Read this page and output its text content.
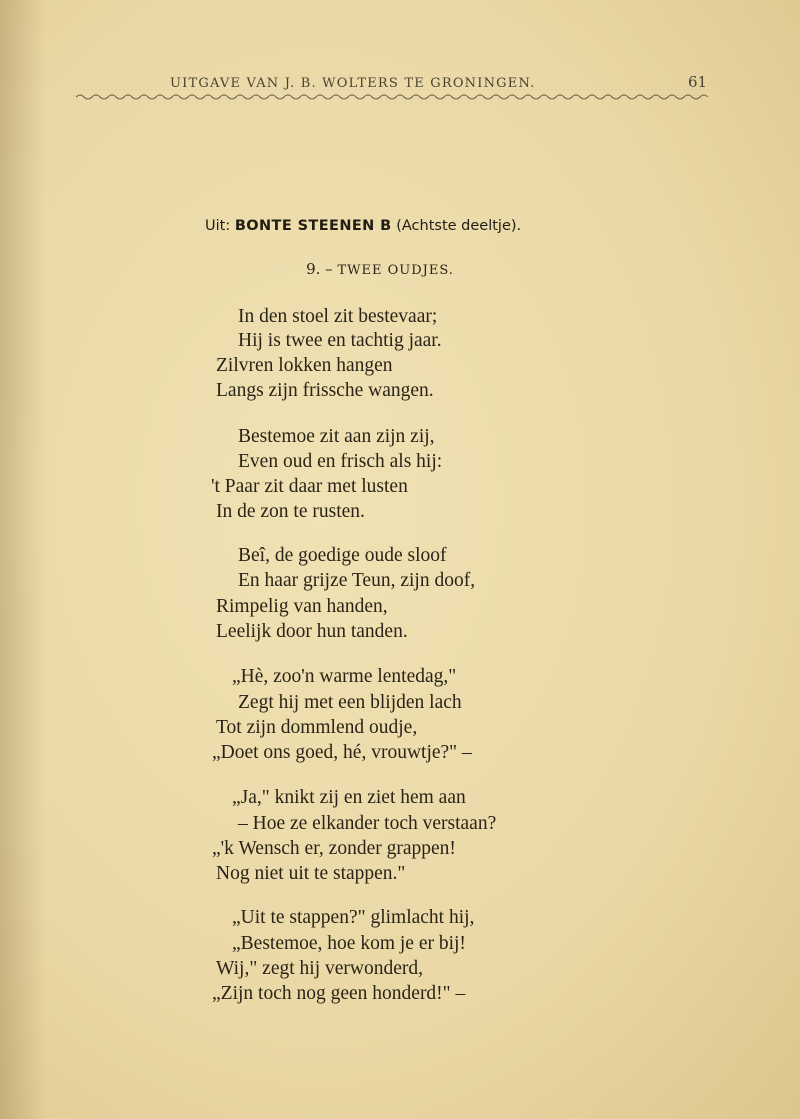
UITGAVE VAN J. B. WOLTERS TE GRONINGEN.	61
Uit: BONTE STEENEN B (Achtste deeltje).
9. – TWEE OUDJES.
In den stoel zit bestevaar;
Hij is twee en tachtig jaar.
Zilvren lokken hangen
Langs zijn frissche wangen.
Bestemoe zit aan zijn zij,
Even oud en frisch als hij:
't Paar zit daar met lusten
In de zon te rusten.
Beî, de goedige oude sloof
En haar grijze Teun, zijn doof,
Rimpelig van handen,
Leelijk door hun tanden.
„Hè, zoo'n warme lentedag,"
Zegt hij met een blijden lach
Tot zijn dommlend oudje,
„Doet ons goed, hé, vrouwtje?" –
„Ja," knikt zij en ziet hem aan
– Hoe ze elkander toch verstaan?
„'k Wensch er, zonder grappen!
Nog niet uit te stappen."
„Uit te stappen?" glimlacht hij,
„Bestemoe, hoe kom je er bij!
Wij," zegt hij verwonderd,
„Zijn toch nog geen honderd!" –
